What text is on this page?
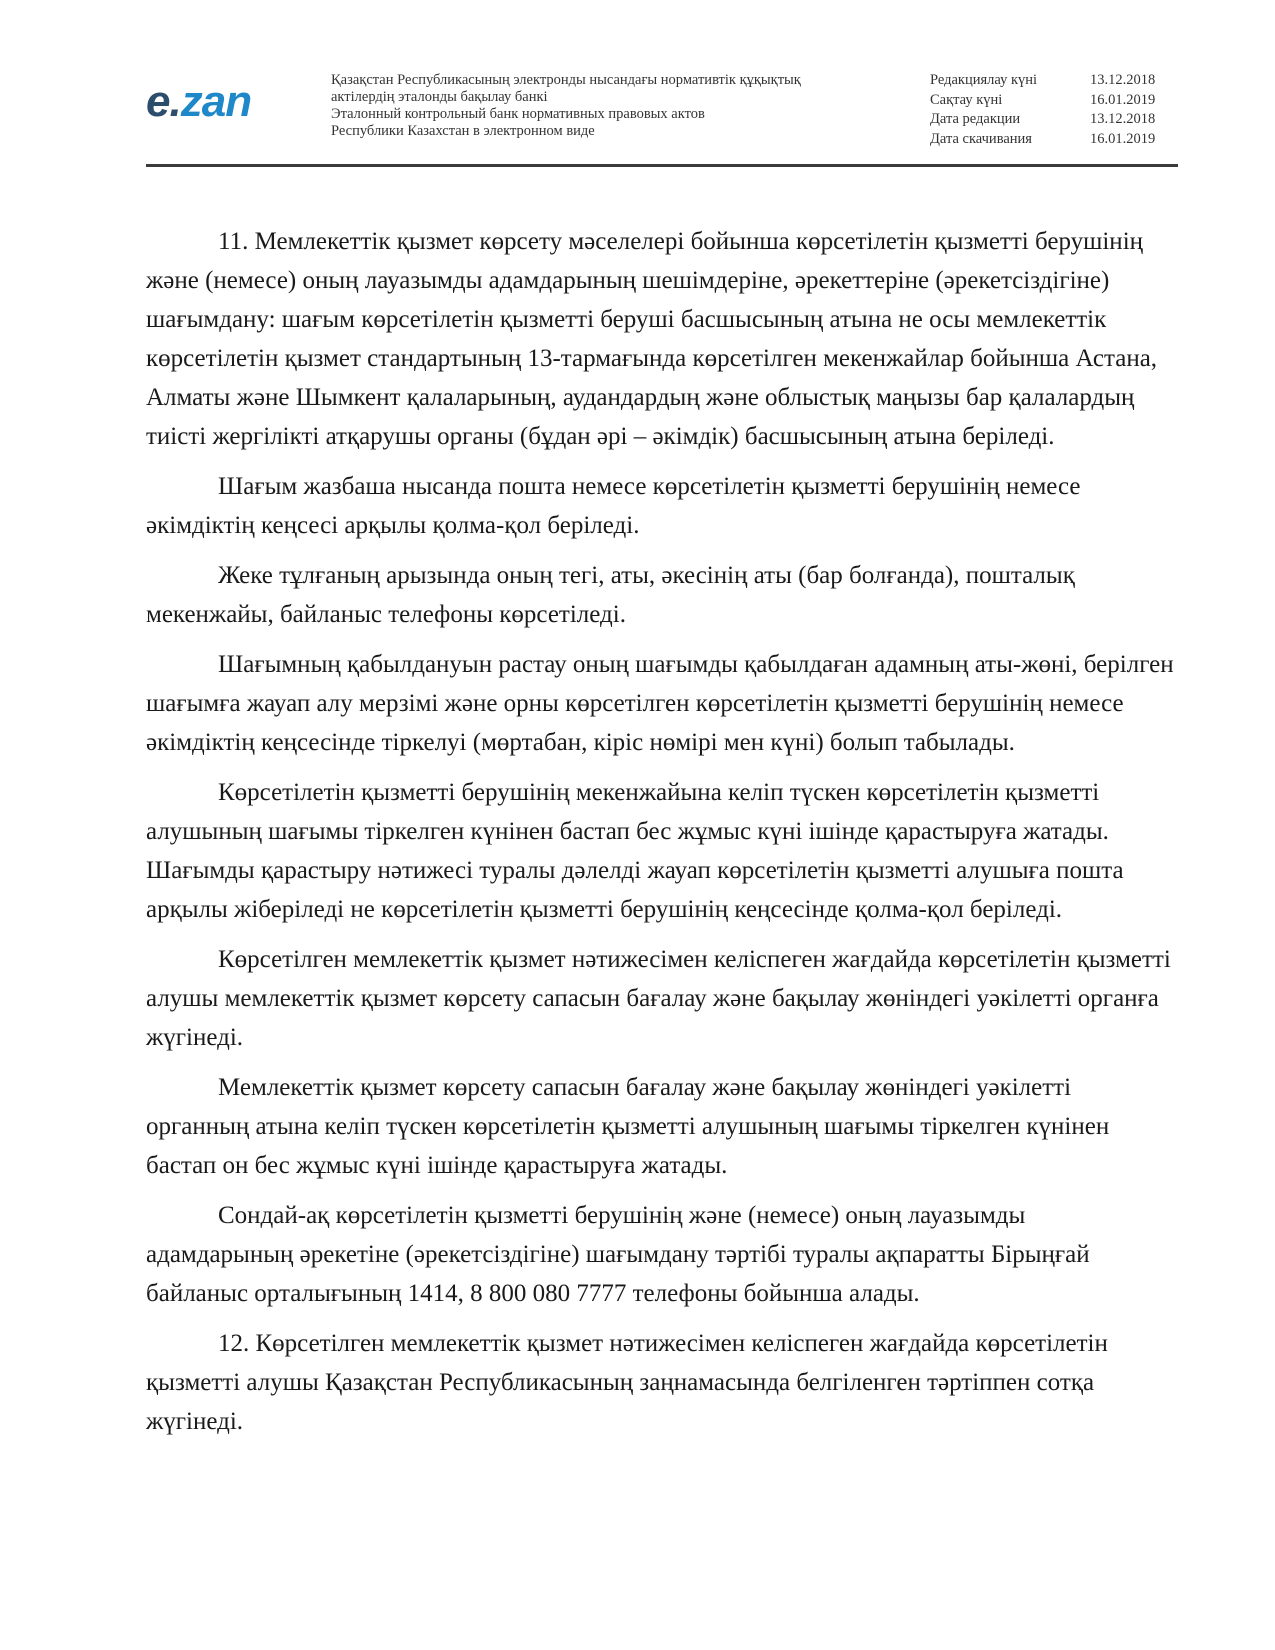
e.zan	Қазақстан Республикасының электронды нысандағы нормативтік құқықтық
актілердің эталонды бақылау банкі
Эталонный контрольный банк нормативных правовых актов
Республики Казахстан в электронном виде
Редакциялау күні	13.12.2018
Сақтау күні	16.01.2019
Дата редакции	13.12.2018
Дата скачивания	16.01.2019

11. Мемлекеттік қызмет көрсету мәселелері бойынша көрсетілетін қызметті берушінің және (немесе) оның лауазымды адамдарының шешімдеріне, әрекеттеріне (әрекетсіздігіне) шағымдану: шағым көрсетілетін қызметті беруші басшысының атына не осы мемлекеттік көрсетілетін қызмет стандартының 13-тармағында көрсетілген мекенжайлар бойынша Астана, Алматы және Шымкент қалаларының, аудандардың және облыстық маңызы бар қалалардың тиісті жергілікті атқарушы органы (бұдан әрі – әкімдік) басшысының атына беріледі.

Шағым жазбаша нысанда пошта немесе көрсетілетін қызметті берушінің немесе әкімдіктің кеңсесі арқылы қолма-қол беріледі.

Жеке тұлғаның арызында оның тегі, аты, әкесінің аты (бар болғанда), пошталық мекенжайы, байланыс телефоны көрсетіледі.

Шағымның қабылдануын растау оның шағымды қабылдаған адамның аты-жөні, берілген шағымға жауап алу мерзімі және орны көрсетілген көрсетілетін қызметті берушінің немесе әкімдіктің кеңсесінде тіркелуі (мөртабан, кіріс нөмірі мен күні) болып табылады.

Көрсетілетін қызметті берушінің мекенжайына келіп түскен көрсетілетін қызметті алушының шағымы тіркелген күнінен бастап бес жұмыс күні ішінде қарастыруға жатады. Шағымды қарастыру нәтижесі туралы дәлелді жауап көрсетілетін қызметті алушыға пошта арқылы жіберіледі не көрсетілетін қызметті берушінің кеңсесінде қолма-қол беріледі.

Көрсетілген мемлекеттік қызмет нәтижесімен келіспеген жағдайда көрсетілетін қызметті алушы мемлекеттік қызмет көрсету сапасын бағалау және бақылау жөніндегі уәкілетті органға жүгінеді.

Мемлекеттік қызмет көрсету сапасын бағалау және бақылау жөніндегі уәкілетті органның атына келіп түскен көрсетілетін қызметті алушының шағымы тіркелген күнінен бастап он бес жұмыс күні ішінде қарастыруға жатады.

Сондай-ақ көрсетілетін қызметті берушінің және (немесе) оның лауазымды адамдарының әрекетіне (әрекетсіздігіне) шағымдану тәртібі туралы ақпаратты Бірыңғай байланыс орталығының 1414, 8 800 080 7777 телефоны бойынша алады.

12. Көрсетілген мемлекеттік қызмет нәтижесімен келіспеген жағдайда көрсетілетін қызметті алушы Қазақстан Республикасының заңнамасында белгіленген тәртіппен сотқа жүгінеді.
